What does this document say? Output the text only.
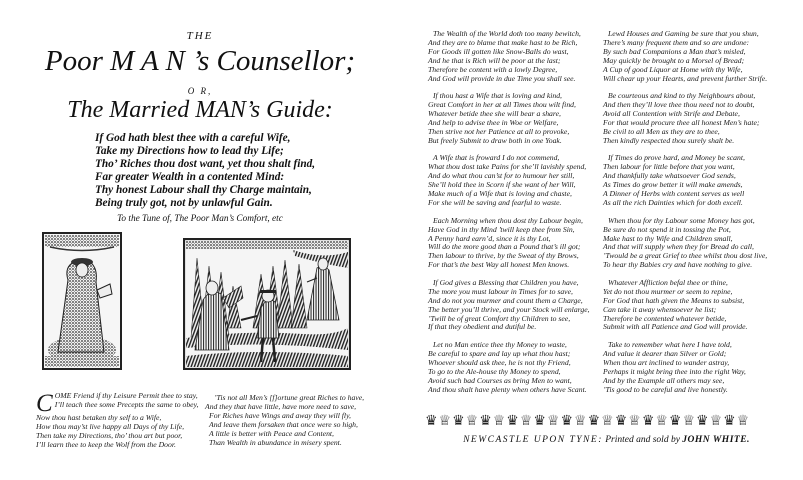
THE
Poor M A N ’s Counsellor;
O R,
The Married MAN’s Guide:
If God hath blest thee with a careful Wife,
Take my Directions how to lead thy Life;
Tho’ Riches thou dost want, yet thou shalt find,
Far greater Wealth in a contented Mind:
Thy honest Labour shall thy Charge maintain,
Being truly got, not by unlawful Gain.
To the Tune of, The Poor Man’s Comfort, etc
C OME Friend if thy Leisure Permit thee to stay,
I’ll teach thee some Precepts the same to obey,
Now thou hast betaken thy self to a Wife,
How thou may’st live happy all Days of thy Life,
Then take my Directions, tho’ thou art but poor,
I’ll learn thee to keep the Wolf from the Door.
’Tis not all Men’s [f]ortune great Riches to have,
And they that have little, have more need to save,
For Riches have Wings and away they will fly,
And leave them forsaken that once were so high,
A little is better with Peace and Content,
Than Wealth in abundance in misery spent.
The Wealth of the World doth too many bewitch,
And they are to blame that make hast to be Rich,
For Goods ill gotten like Snow-Balls do wast,
And he that is Rich will be poor at the last;
Therefore be content with a lowly Degree,
And God will provide in due Time you shall see.
If thou hast a Wife that is loving and kind,
Great Comfort in her at all Times thou wilt find,
Whatever betide thee she will bear a share,
And help to advise thee in Woe or Welfare,
Then strive not her Patience at all to provoke,
But freely Submit to draw both in one Yoak.
A Wife that is froward I do not commend,
What thou dost take Pains for she’ll lavishly spend,
And do what thou can’st for to humour her still,
She’ll hold thee in Scorn if she want of her Will,
Make much of a Wife that is loving and chaste,
For she will be saving and fearful to waste.
Each Morning when thou dost thy Labour begin,
Have God in thy Mind ’twill keep thee from Sin,
A Penny hard earn’d, since it is thy Lot,
Will do the more good than a Pound that’s ill got;
Then labour to thrive, by the Sweat of thy Brows,
For that’s the best Way all honest Men knows.
If God gives a Blessing that Children you have,
The more you must labour in Times for to save,
And do not you murmer and count them a Charge,
The better you’ll thrive, and your Stock will enlarge,
’Twill be of great Comfort thy Children to see,
If that they obedient and dutiful be.
Let no Man entice thee thy Money to waste,
Be careful to spare and lay up what thou hast;
Whoever should ask thee, he is not thy Friend,
To go to the Ale-house thy Money to spend,
Avoid such bad Courses as bring Men to want,
And thou shalt have plenty when others have Scant.
Lewd Houses and Gaming be sure that you shun,
There’s many frequent them and so are undone:
By such bad Companions a Man that’s misled,
May quickly be brought to a Morsel of Bread;
A Cup of good Liquor at Home with thy Wife,
Will chear up your Hearts, and prevent further Strife.
Be courteous and kind to thy Neighbours about,
And then they’ll love thee thou need not to doubt,
Avoid all Contention with Strife and Debate,
For that would procure thee all honest Men’s hate;
Be civil to all Men as they are to thee,
Then kindly respected thou surely shalt be.
If Times do prove hard, and Money be scant,
Then labour for little before that you want,
And thankfully take whatsoever God sends,
As Times do grow better it will make amends,
A Dinner of Herbs with content serves as well
As all the rich Dainties which for doth excell.
When thou for thy Labour some Money has got,
Be sure do not spend it in tossing the Pot,
Make hast to thy Wife and Children small,
And that will supply when they for Bread do call,
’Twould be a great Grief to thee whilst thou dost live,
To hear thy Babies cry and have nothing to give.
Whatever Affliction befal thee or thine,
Yet do not thou murmer or seem to repine,
For God that hath given the Means to subsist,
Can take it away whensoever he list;
Therefore be contented whatever betide,
Submit with all Patience and God will provide.
Take to remember what here I have told,
And value it dearer than Silver or Gold;
When thou art inclined to wander astray,
Perhaps it might bring thee into the right Way,
And by the Example all others may see,
’Tis good to be careful and live honestly.
♛♕♛♕♛♕♛♕♛♕♛♕♛♕♛♕♛♕♛♕♛♕♛♕
NEWCASTLE UPON TYNE: Printed and sold by JOHN WHITE.
